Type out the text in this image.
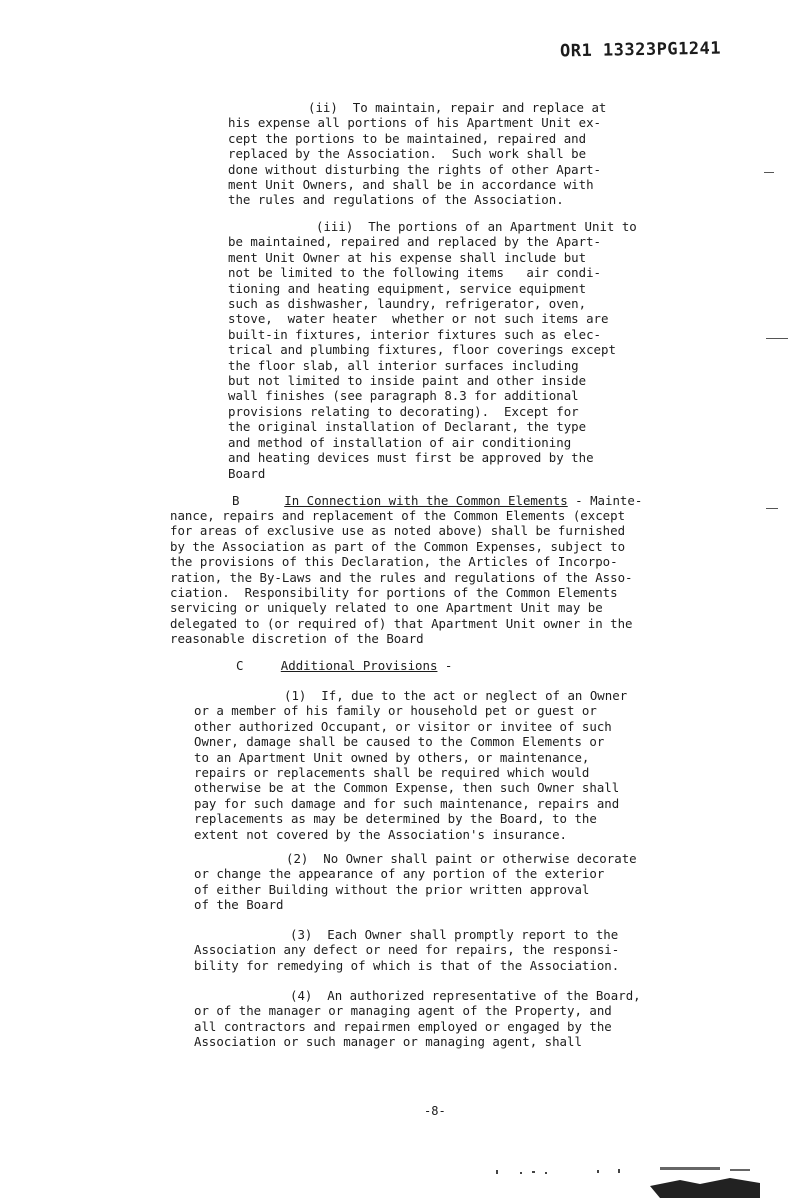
OR1 13323PG1241
(ii)  To maintain, repair and replace at
his expense all portions of his Apartment Unit ex-
cept the portions to be maintained, repaired and
replaced by the Association.  Such work shall be
done without disturbing the rights of other Apart-
ment Unit Owners, and shall be in accordance with
the rules and regulations of the Association.
(iii)  The portions of an Apartment Unit to
be maintained, repaired and replaced by the Apart-
ment Unit Owner at his expense shall include but
not be limited to the following items   air condi-
tioning and heating equipment, service equipment
such as dishwasher, laundry, refrigerator, oven,
stove,  water heater  whether or not such items are
built-in fixtures, interior fixtures such as elec-
trical and plumbing fixtures, floor coverings except
the floor slab, all interior surfaces including
but not limited to inside paint and other inside
wall finishes (see paragraph 8.3 for additional
provisions relating to decorating).  Except for
the original installation of Declarant, the type
and method of installation of air conditioning
and heating devices must first be approved by the
Board
B	In Connection with the Common Elements - Mainte-
nance, repairs and replacement of the Common Elements (except
for areas of exclusive use as noted above) shall be furnished
by the Association as part of the Common Expenses, subject to
the provisions of this Declaration, the Articles of Incorpo-
ration, the By-Laws and the rules and regulations of the Asso-
ciation.  Responsibility for portions of the Common Elements
servicing or uniquely related to one Apartment Unit may be
delegated to (or required of) that Apartment Unit owner in the
reasonable discretion of the Board
C	Additional Provisions -
(1)  If, due to the act or neglect of an Owner
or a member of his family or household pet or guest or
other authorized Occupant, or visitor or invitee of such
Owner, damage shall be caused to the Common Elements or
to an Apartment Unit owned by others, or maintenance,
repairs or replacements shall be required which would
otherwise be at the Common Expense, then such Owner shall
pay for such damage and for such maintenance, repairs and
replacements as may be determined by the Board, to the
extent not covered by the Association's insurance.
(2)  No Owner shall paint or otherwise decorate
or change the appearance of any portion of the exterior
of either Building without the prior written approval
of the Board
(3)  Each Owner shall promptly report to the
Association any defect or need for repairs, the responsi-
bility for remedying of which is that of the Association.
(4)  An authorized representative of the Board,
or of the manager or managing agent of the Property, and
all contractors and repairmen employed or engaged by the
Association or such manager or managing agent, shall
-8-
